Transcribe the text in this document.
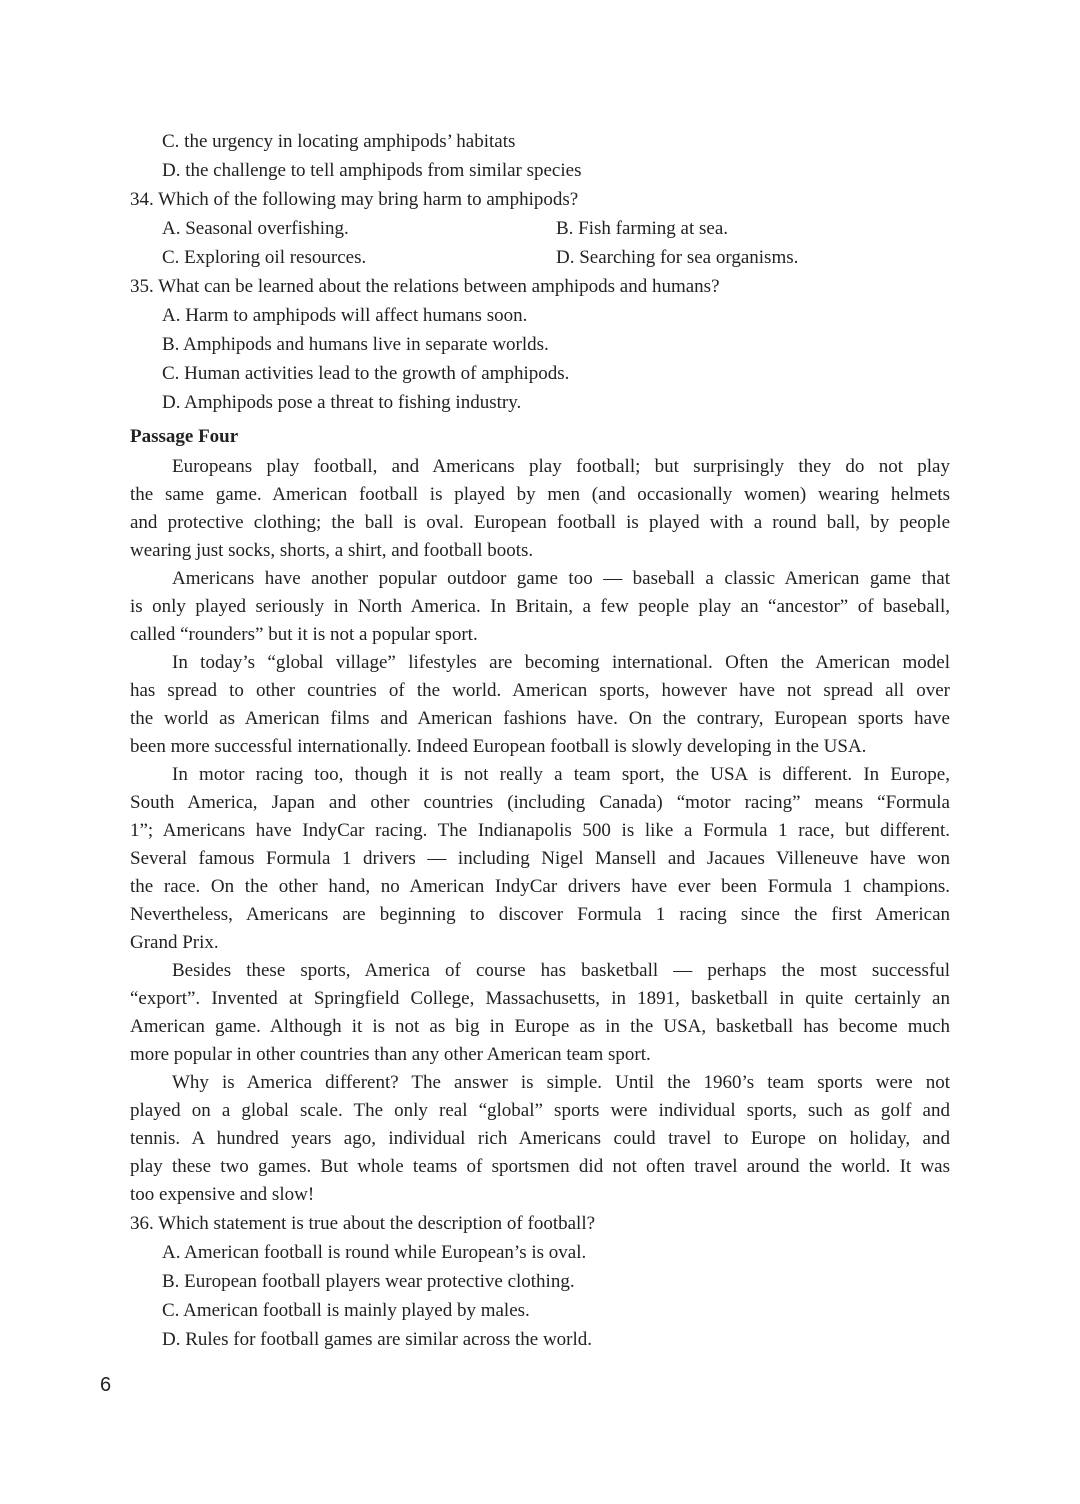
C. the urgency in locating amphipods’ habitats
D. the challenge to tell amphipods from similar species
34. Which of the following may bring harm to amphipods?
A. Seasonal overfishing.	B. Fish farming at sea.
C. Exploring oil resources.	D. Searching for sea organisms.
35. What can be learned about the relations between amphipods and humans?
A. Harm to amphipods will affect humans soon.
B. Amphipods and humans live in separate worlds.
C. Human activities lead to the growth of amphipods.
D. Amphipods pose a threat to fishing industry.
Passage Four
Europeans play football, and Americans play football; but surprisingly they do not play
the same game. American football is played by men (and occasionally women) wearing helmets
and protective clothing; the ball is oval. European football is played with a round ball, by people
wearing just socks, shorts, a shirt, and football boots.
Americans have another popular outdoor game too — baseball a classic American game that
is only played seriously in North America. In Britain, a few people play an “ancestor” of baseball,
called “rounders” but it is not a popular sport.
In today’s “global village” lifestyles are becoming international. Often the American model
has spread to other countries of the world. American sports, however have not spread all over
the world as American films and American fashions have. On the contrary, European sports have
been more successful internationally. Indeed European football is slowly developing in the USA.
In motor racing too, though it is not really a team sport, the USA is different. In Europe,
South America, Japan and other countries (including Canada) “motor racing” means “Formula
1”; Americans have IndyCar racing. The Indianapolis 500 is like a Formula 1 race, but different.
Several famous Formula 1 drivers — including Nigel Mansell and Jacaues Villeneuve have won
the race. On the other hand, no American IndyCar drivers have ever been Formula 1 champions.
Nevertheless, Americans are beginning to discover Formula 1 racing since the first American
Grand Prix.
Besides these sports, America of course has basketball — perhaps the most successful
“export”. Invented at Springfield College, Massachusetts, in 1891, basketball in quite certainly an
American game. Although it is not as big in Europe as in the USA, basketball has become much
more popular in other countries than any other American team sport.
Why is America different? The answer is simple. Until the 1960’s team sports were not
played on a global scale. The only real “global” sports were individual sports, such as golf and
tennis. A hundred years ago, individual rich Americans could travel to Europe on holiday, and
play these two games. But whole teams of sportsmen did not often travel around the world. It was
too expensive and slow!
36. Which statement is true about the description of football?
A. American football is round while European’s is oval.
B. European football players wear protective clothing.
C. American football is mainly played by males.
D. Rules for football games are similar across the world.
6
